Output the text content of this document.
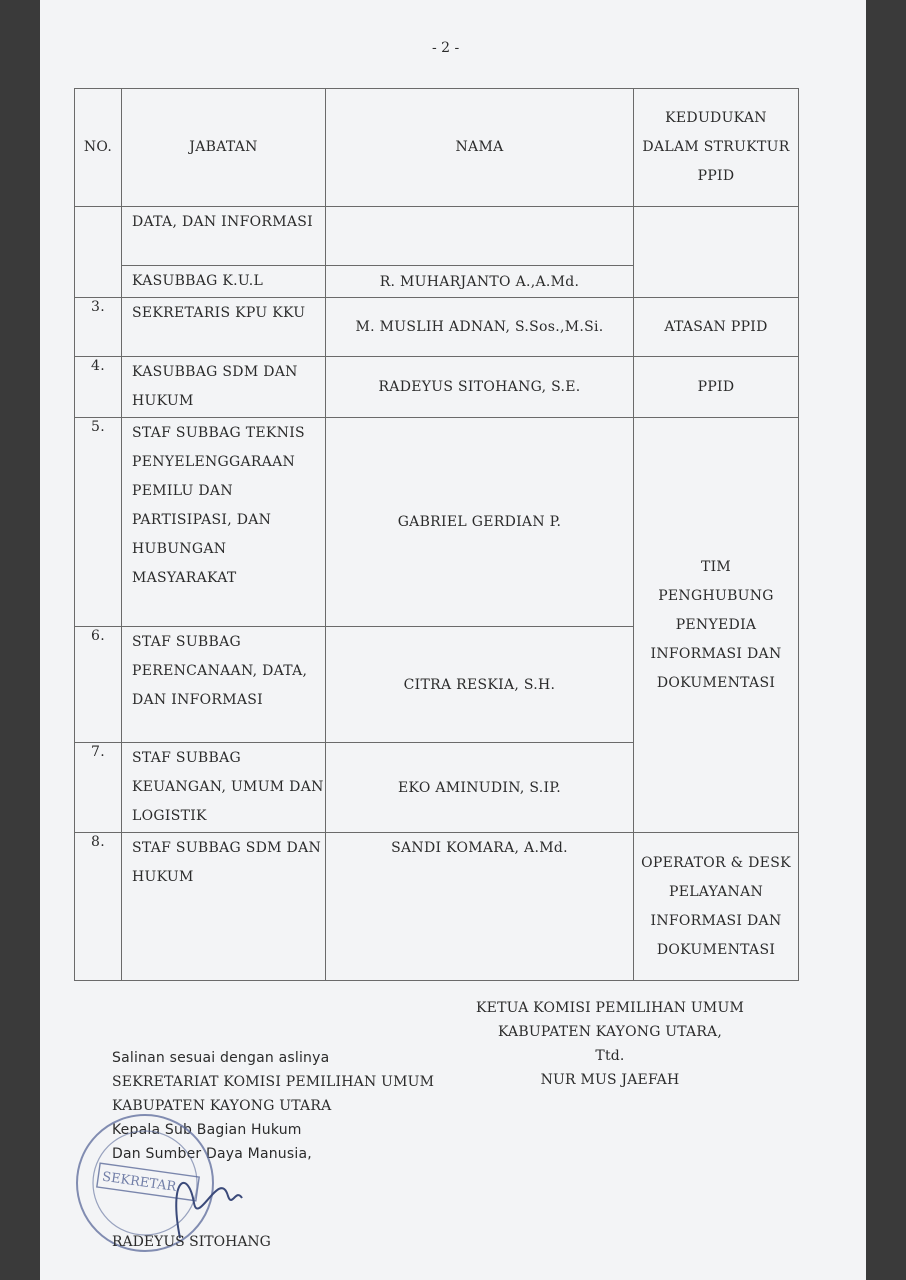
- 2 -
NO.	JABATAN	NAMA	KEDUDUKAN DALAM STRUKTUR PPID
	DATA, DAN INFORMASI		
	KASUBBAG K.U.L	R. MUHARJANTO A.,A.Md.	
3.	SEKRETARIS KPU KKU	M. MUSLIH ADNAN, S.Sos.,M.Si.	ATASAN PPID
4.	KASUBBAG SDM DAN HUKUM	RADEYUS SITOHANG, S.E.	PPID
5.	STAF SUBBAG TEKNIS PENYELENGGARAAN PEMILU DAN PARTISIPASI, DAN HUBUNGAN MASYARAKAT	GABRIEL GERDIAN P.	TIM PENGHUBUNG PENYEDIA INFORMASI DAN DOKUMENTASI
6.	STAF SUBBAG PERENCANAAN, DATA, DAN INFORMASI	CITRA RESKIA, S.H.	
7.	STAF SUBBAG KEUANGAN, UMUM DAN LOGISTIK	EKO AMINUDIN, S.IP.	
8.	STAF SUBBAG SDM DAN HUKUM	SANDI KOMARA, A.Md.	OPERATOR & DESK PELAYANAN INFORMASI DAN DOKUMENTASI
KETUA KOMISI PEMILIHAN UMUM
KABUPATEN KAYONG UTARA,
Ttd.
NUR MUS JAEFAH
Salinan sesuai dengan aslinya
SEKRETARIAT KOMISI PEMILIHAN UMUM
KABUPATEN KAYONG UTARA
Kepala Sub Bagian Hukum
Dan Sumber Daya Manusia,
SEKRETAR
RADEYUS SITOHANG
